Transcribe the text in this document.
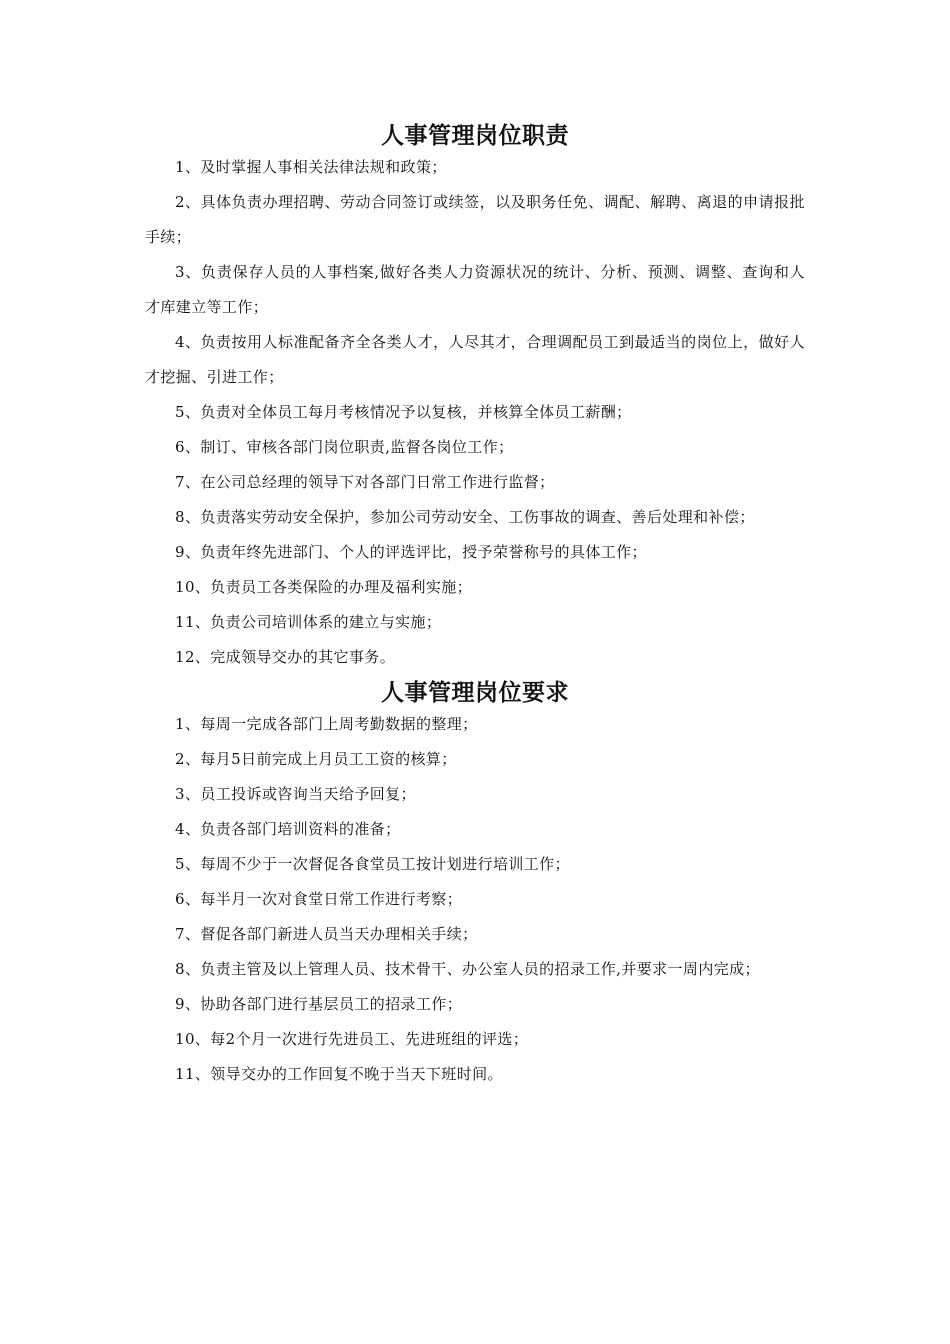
人事管理岗位职责
1、及时掌握人事相关法律法规和政策；
2、具体负责办理招聘、劳动合同签订或续签，以及职务任免、调配、解聘、离退的申请报批手续；
3、负责保存人员的人事档案,做好各类人力资源状况的统计、分析、预测、调整、查询和人才库建立等工作；
4、负责按用人标准配备齐全各类人才，人尽其才，合理调配员工到最适当的岗位上，做好人才挖掘、引进工作；
5、负责对全体员工每月考核情况予以复核，并核算全体员工薪酬；
6、制订、审核各部门岗位职责,监督各岗位工作；
7、在公司总经理的领导下对各部门日常工作进行监督；
8、负责落实劳动安全保护，参加公司劳动安全、工伤事故的调查、善后处理和补偿；
9、负责年终先进部门、个人的评选评比，授予荣誉称号的具体工作；
10、负责员工各类保险的办理及福利实施；
11、负责公司培训体系的建立与实施；
12、完成领导交办的其它事务。
人事管理岗位要求
1、每周一完成各部门上周考勤数据的整理；
2、每月5日前完成上月员工工资的核算；
3、员工投诉或咨询当天给予回复；
4、负责各部门培训资料的准备；
5、每周不少于一次督促各食堂员工按计划进行培训工作；
6、每半月一次对食堂日常工作进行考察；
7、督促各部门新进人员当天办理相关手续；
8、负责主管及以上管理人员、技术骨干、办公室人员的招录工作,并要求一周内完成；
9、协助各部门进行基层员工的招录工作；
10、每2个月一次进行先进员工、先进班组的评选；
11、领导交办的工作回复不晚于当天下班时间。
